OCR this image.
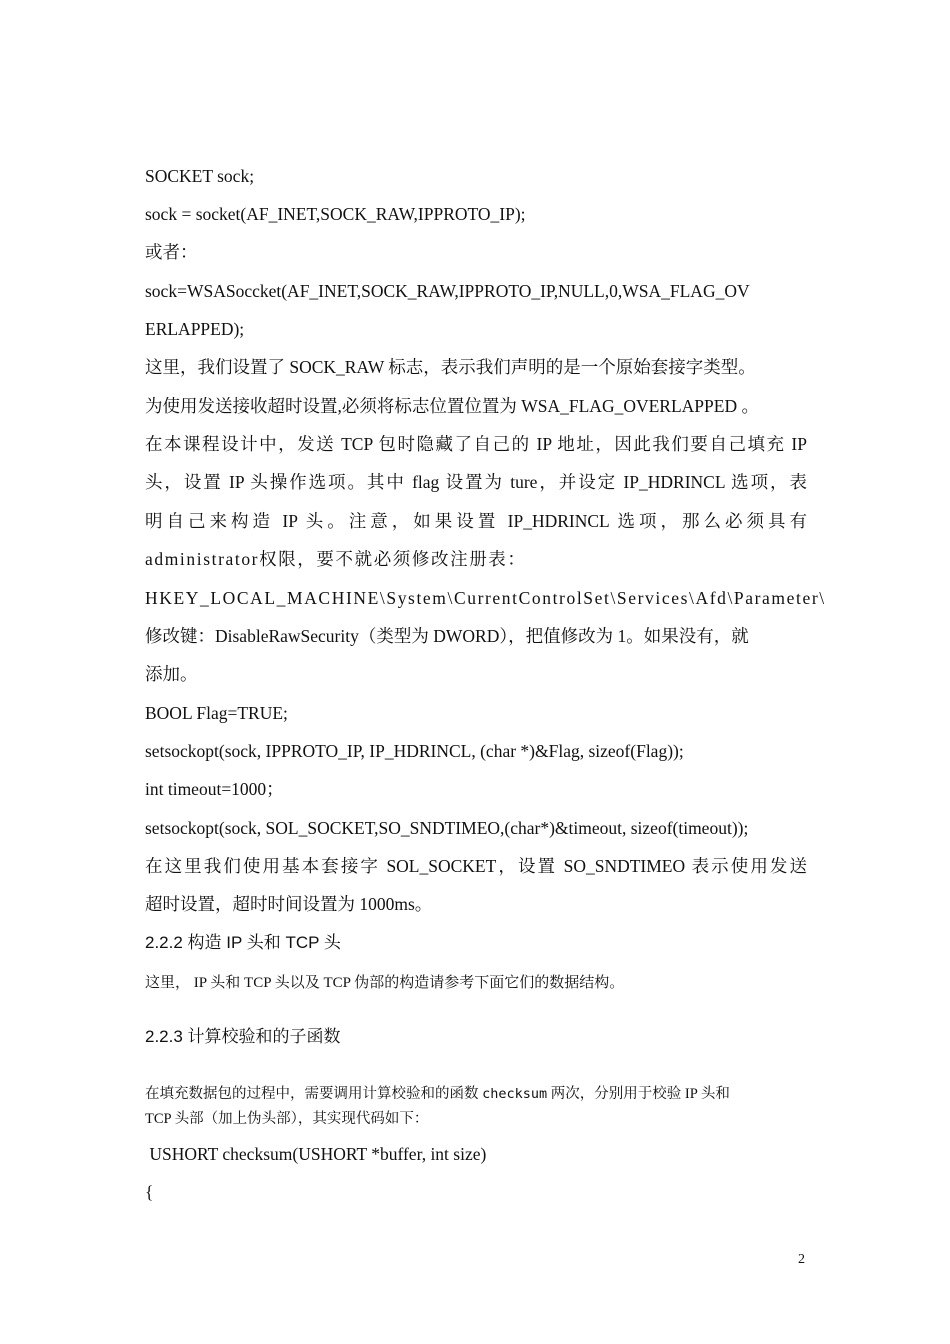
SOCKET sock;
sock = socket(AF_INET,SOCK_RAW,IPPROTO_IP);
或者：
sock=WSASoccket(AF_INET,SOCK_RAW,IPPROTO_IP,NULL,0,WSA_FLAG_OV
ERLAPPED);
这里，我们设置了 SOCK_RAW 标志，表示我们声明的是一个原始套接字类型。
为使用发送接收超时设置,必须将标志位置位置为 WSA_FLAG_OVERLAPPED 。
在本课程设计中，发送 TCP 包时隐藏了自己的 IP 地址，因此我们要自己填充 IP
头，设置 IP 头操作选项。其中 flag 设置为 ture，并设定 IP_HDRINCL 选项，表
明自己来构造 IP 头。注意，如果设置 IP_HDRINCL 选项，那么必须具有
administrator权限，要不就必须修改注册表：
HKEY_LOCAL_MACHINE\System\CurrentControlSet\Services\Afd\Parameter\
修改键：DisableRawSecurity（类型为 DWORD），把值修改为 1。如果没有，就
添加。
BOOL Flag=TRUE;
setsockopt(sock, IPPROTO_IP, IP_HDRINCL, (char *)&Flag, sizeof(Flag));
int timeout=1000；
setsockopt(sock, SOL_SOCKET,SO_SNDTIMEO,(char*)&timeout, sizeof(timeout));
在这里我们使用基本套接字 SOL_SOCKET，设置 SO_SNDTIMEO 表示使用发送
超时设置，超时时间设置为 1000ms。
2.2.2 构造 IP 头和 TCP 头
这里， IP 头和 TCP 头以及 TCP 伪部的构造请参考下面它们的数据结构。
2.2.3 计算校验和的子函数
在填充数据包的过程中，需要调用计算校验和的函数 checksum 两次，分别用于校验 IP 头和
TCP 头部（加上伪头部），其实现代码如下：
USHORT checksum(USHORT *buffer, int size)
{
2
